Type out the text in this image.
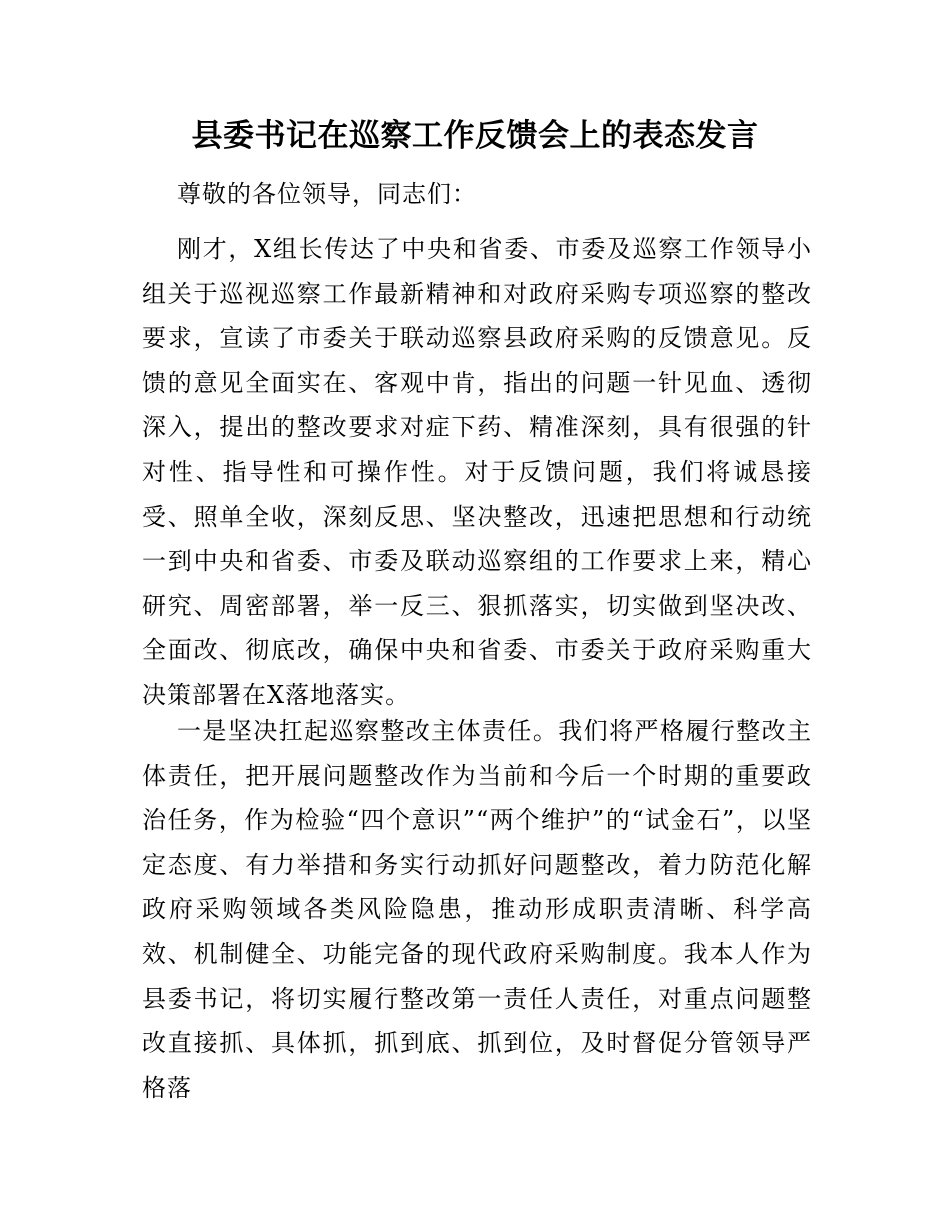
县委书记在巡察工作反馈会上的表态发言

尊敬的各位领导，同志们：

刚才，X组长传达了中央和省委、市委及巡察工作领导小组关于巡视巡察工作最新精神和对政府采购专项巡察的整改要求，宣读了市委关于联动巡察县政府采购的反馈意见。反馈的意见全面实在、客观中肯，指出的问题一针见血、透彻深入，提出的整改要求对症下药、精准深刻，具有很强的针对性、指导性和可操作性。对于反馈问题，我们将诚恳接受、照单全收，深刻反思、坚决整改，迅速把思想和行动统一到中央和省委、市委及联动巡察组的工作要求上来，精心研究、周密部署，举一反三、狠抓落实，切实做到坚决改、全面改、彻底改，确保中央和省委、市委关于政府采购重大决策部署在X落地落实。

一是坚决扛起巡察整改主体责任。我们将严格履行整改主体责任，把开展问题整改作为当前和今后一个时期的重要政治任务，作为检验“四个意识”“两个维护”的“试金石”，以坚定态度、有力举措和务实行动抓好问题整改，着力防范化解政府采购领域各类风险隐患，推动形成职责清晰、科学高效、机制健全、功能完备的现代政府采购制度。我本人作为县委书记，将切实履行整改第一责任人责任，对重点问题整改直接抓、具体抓，抓到底、抓到位，及时督促分管领导严格落
